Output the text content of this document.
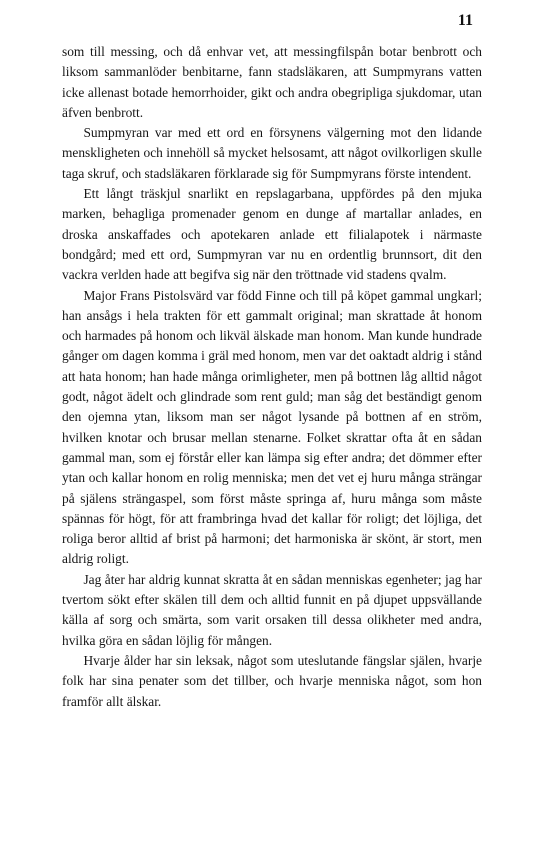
11

som till messing, och då enhvar vet, att messingfilspån botar benbrott och liksom sammanlöder benbitarne, fann stadsläkaren, att Sumpmyrans vatten icke allenast botade hemorrhoider, gikt och andra obegripliga sjukdomar, utan äfven benbrott.

Sumpmyran var med ett ord en försynens välgerning mot den lidande menskligheten och innehöll så mycket helsosamt, att något ovilkorligen skulle taga skruf, och stadsläkaren förklarade sig för Sumpmyrans förste intendent.

Ett långt träskjul snarlikt en repslagarbana, uppfördes på den mjuka marken, behagliga promenader genom en dunge af martallar anlades, en droska anskaffades och apotekaren anlade ett filialapotek i närmaste bondgård; med ett ord, Sumpmyran var nu en ordentlig brunnsort, dit den vackra verlden hade att begifva sig när den tröttnade vid stadens qvalm.

Major Frans Pistolsvärd var född Finne och till på köpet gammal ungkarl; han ansågs i hela trakten för ett gammalt original; man skrattade åt honom och harmades på honom och likväl älskade man honom. Man kunde hundrade gånger om dagen komma i gräl med honom, men var det oaktadt aldrig i stånd att hata honom; han hade många orimligheter, men på bottnen låg alltid något godt, något ädelt och glindrade som rent guld; man såg det beständigt genom den ojemna ytan, liksom man ser något lysande på bottnen af en ström, hvilken knotar och brusar mellan stenarne. Folket skrattar ofta åt en sådan gammal man, som ej förstår eller kan lämpa sig efter andra; det dömmer efter ytan och kallar honom en rolig menniska; men det vet ej huru många strängar på själens strängaspel, som först måste springa af, huru många som måste spännas för högt, för att frambringa hvad det kallar för roligt; det löjliga, det roliga beror alltid af brist på harmoni; det harmoniska är skönt, är stort, men aldrig roligt.

Jag åter har aldrig kunnat skratta åt en sådan menniskas egenheter; jag har tvertom sökt efter skälen till dem och alltid funnit en på djupet uppsvällande källa af sorg och smärta, som varit orsaken till dessa olikheter med andra, hvilka göra en sådan löjlig för mången.

Hvarje ålder har sin leksak, något som uteslutande fängslar själen, hvarje folk har sina penater som det tillber, och hvarje menniska något, som hon framför allt älskar.
